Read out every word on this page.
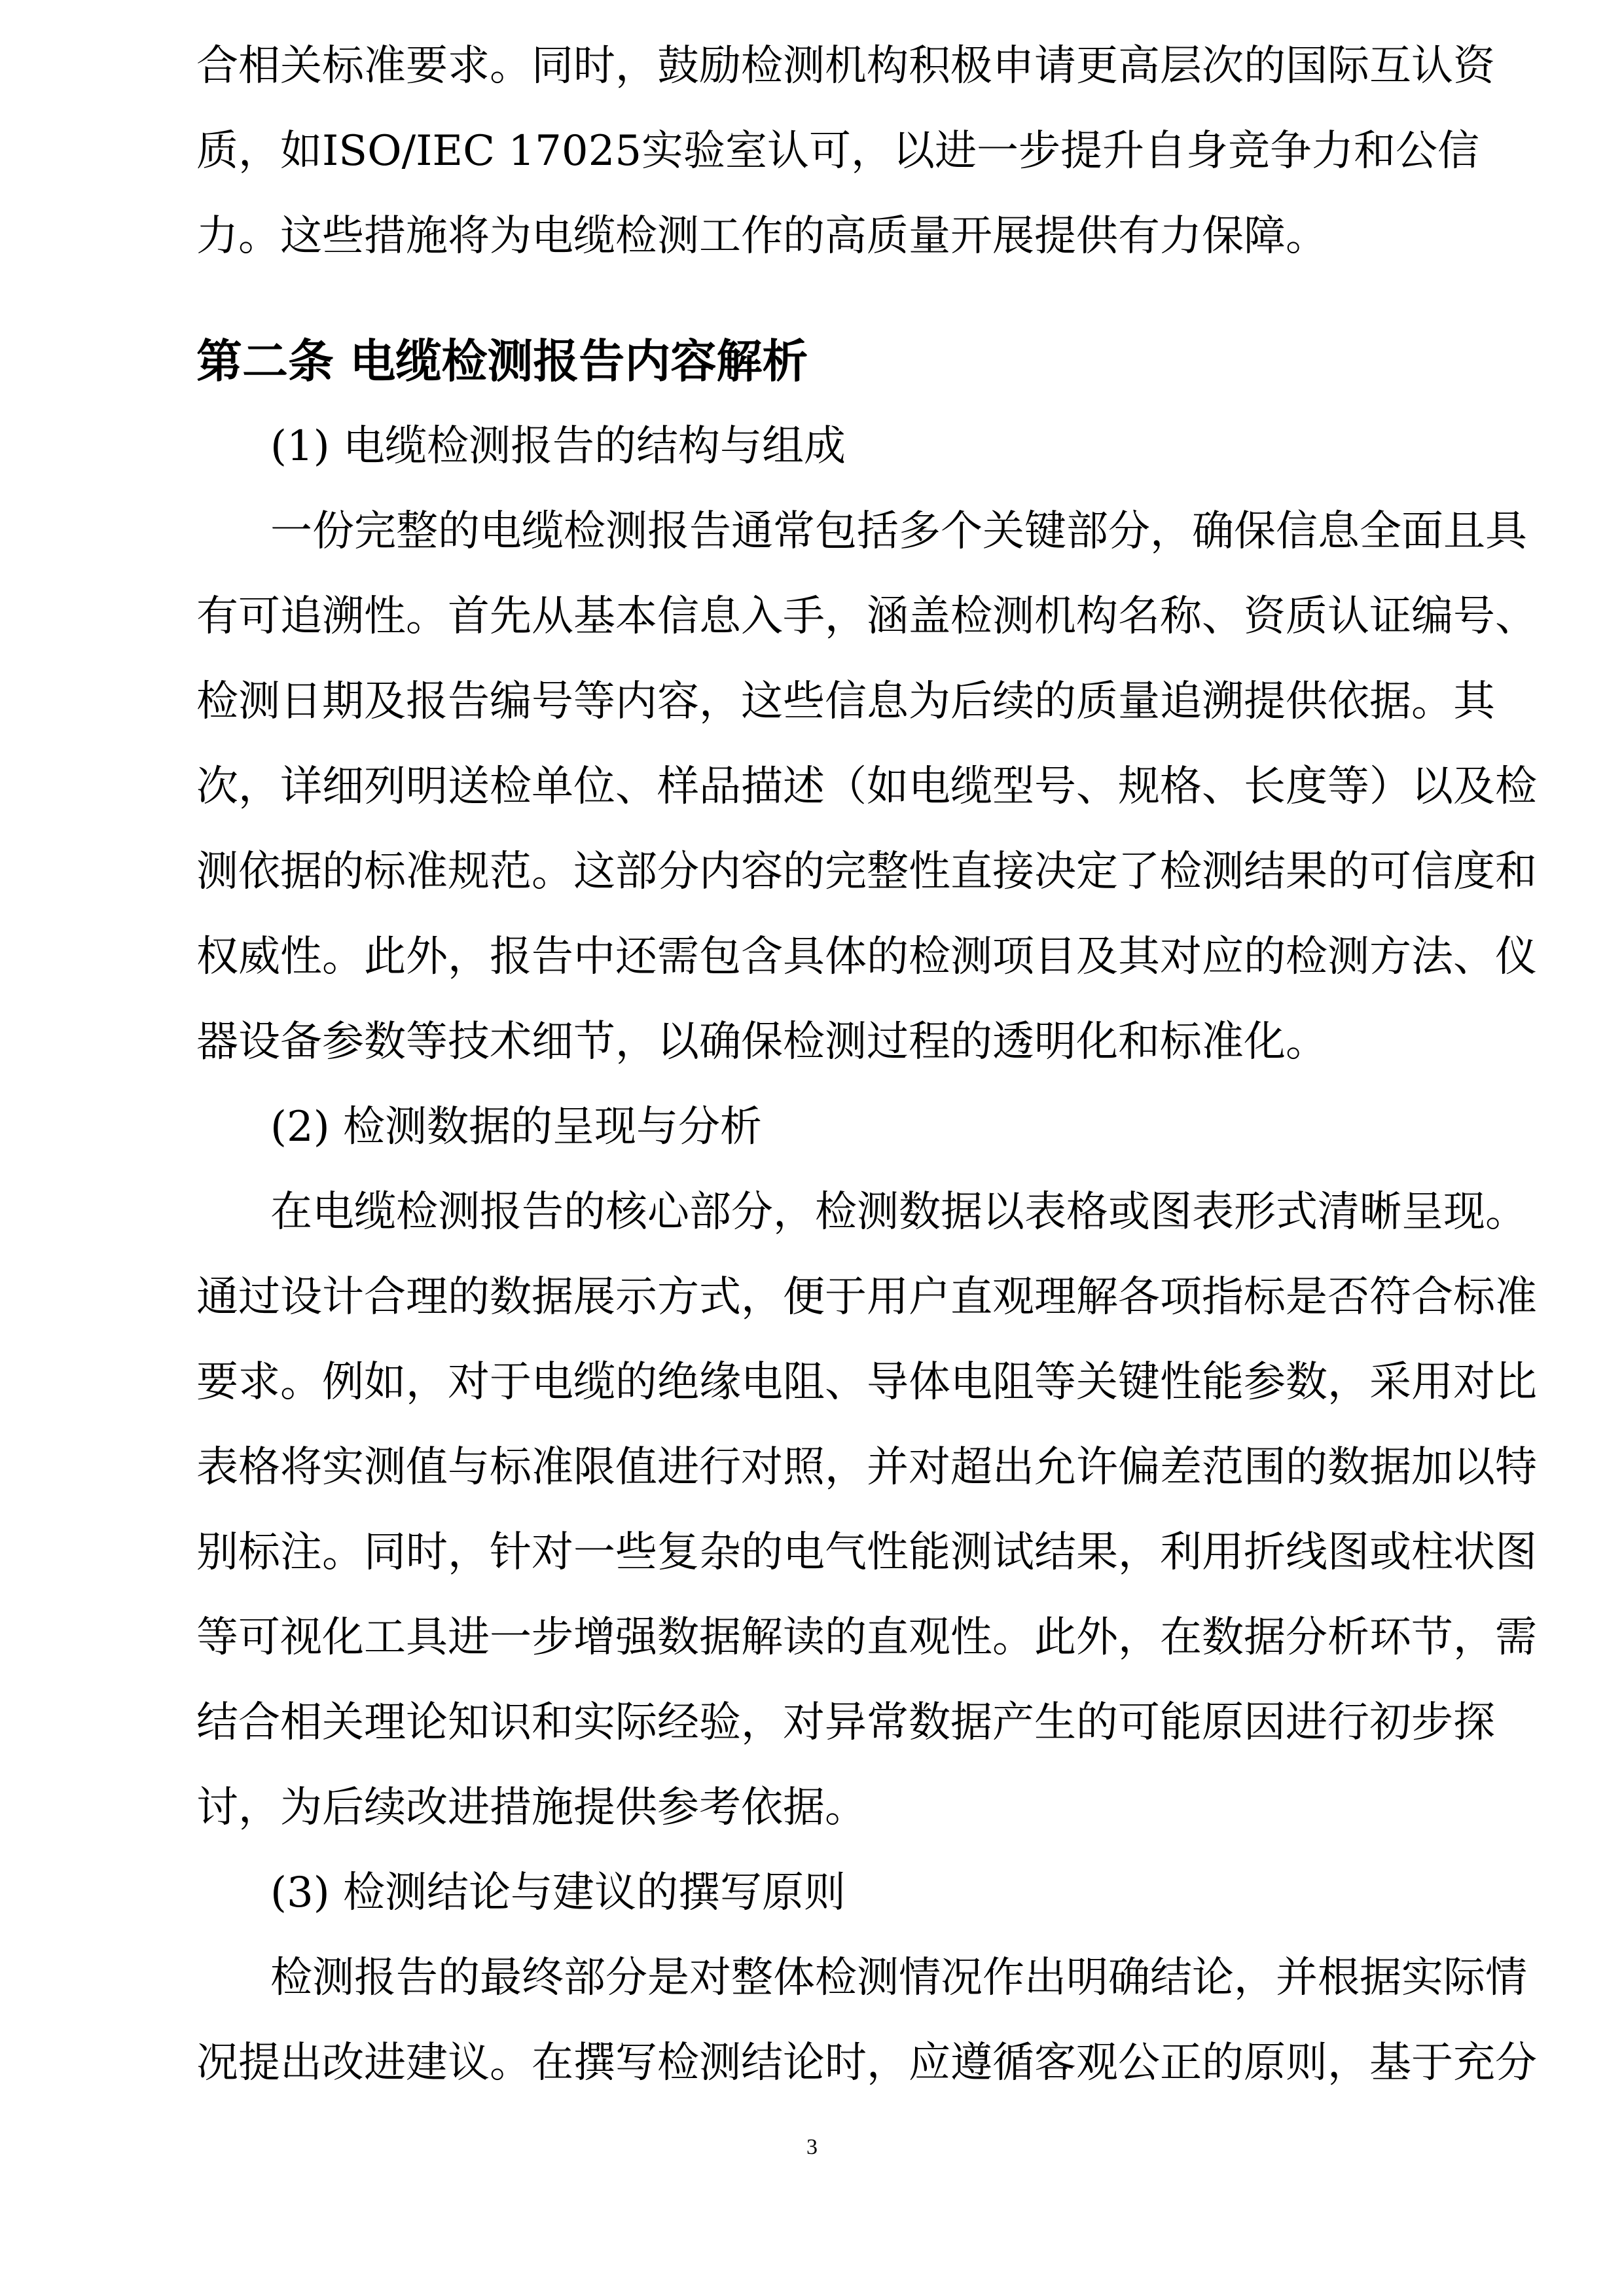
合相关标准要求。同时，鼓励检测机构积极申请更高层次的国际互认资
质，如ISO/IEC 17025实验室认可，以进一步提升自身竞争力和公信
力。这些措施将为电缆检测工作的高质量开展提供有力保障。
第二条 电缆检测报告内容解析
(1) 电缆检测报告的结构与组成
一份完整的电缆检测报告通常包括多个关键部分，确保信息全面且具
有可追溯性。首先从基本信息入手，涵盖检测机构名称、资质认证编号、
检测日期及报告编号等内容，这些信息为后续的质量追溯提供依据。其
次，详细列明送检单位、样品描述（如电缆型号、规格、长度等）以及检
测依据的标准规范。这部分内容的完整性直接决定了检测结果的可信度和
权威性。此外，报告中还需包含具体的检测项目及其对应的检测方法、仪
器设备参数等技术细节，以确保检测过程的透明化和标准化。
(2) 检测数据的呈现与分析
在电缆检测报告的核心部分，检测数据以表格或图表形式清晰呈现。
通过设计合理的数据展示方式，便于用户直观理解各项指标是否符合标准
要求。例如，对于电缆的绝缘电阻、导体电阻等关键性能参数，采用对比
表格将实测值与标准限值进行对照，并对超出允许偏差范围的数据加以特
别标注。同时，针对一些复杂的电气性能测试结果，利用折线图或柱状图
等可视化工具进一步增强数据解读的直观性。此外，在数据分析环节，需
结合相关理论知识和实际经验，对异常数据产生的可能原因进行初步探
讨，为后续改进措施提供参考依据。
(3) 检测结论与建议的撰写原则
检测报告的最终部分是对整体检测情况作出明确结论，并根据实际情
况提出改进建议。在撰写检测结论时，应遵循客观公正的原则，基于充分
3
